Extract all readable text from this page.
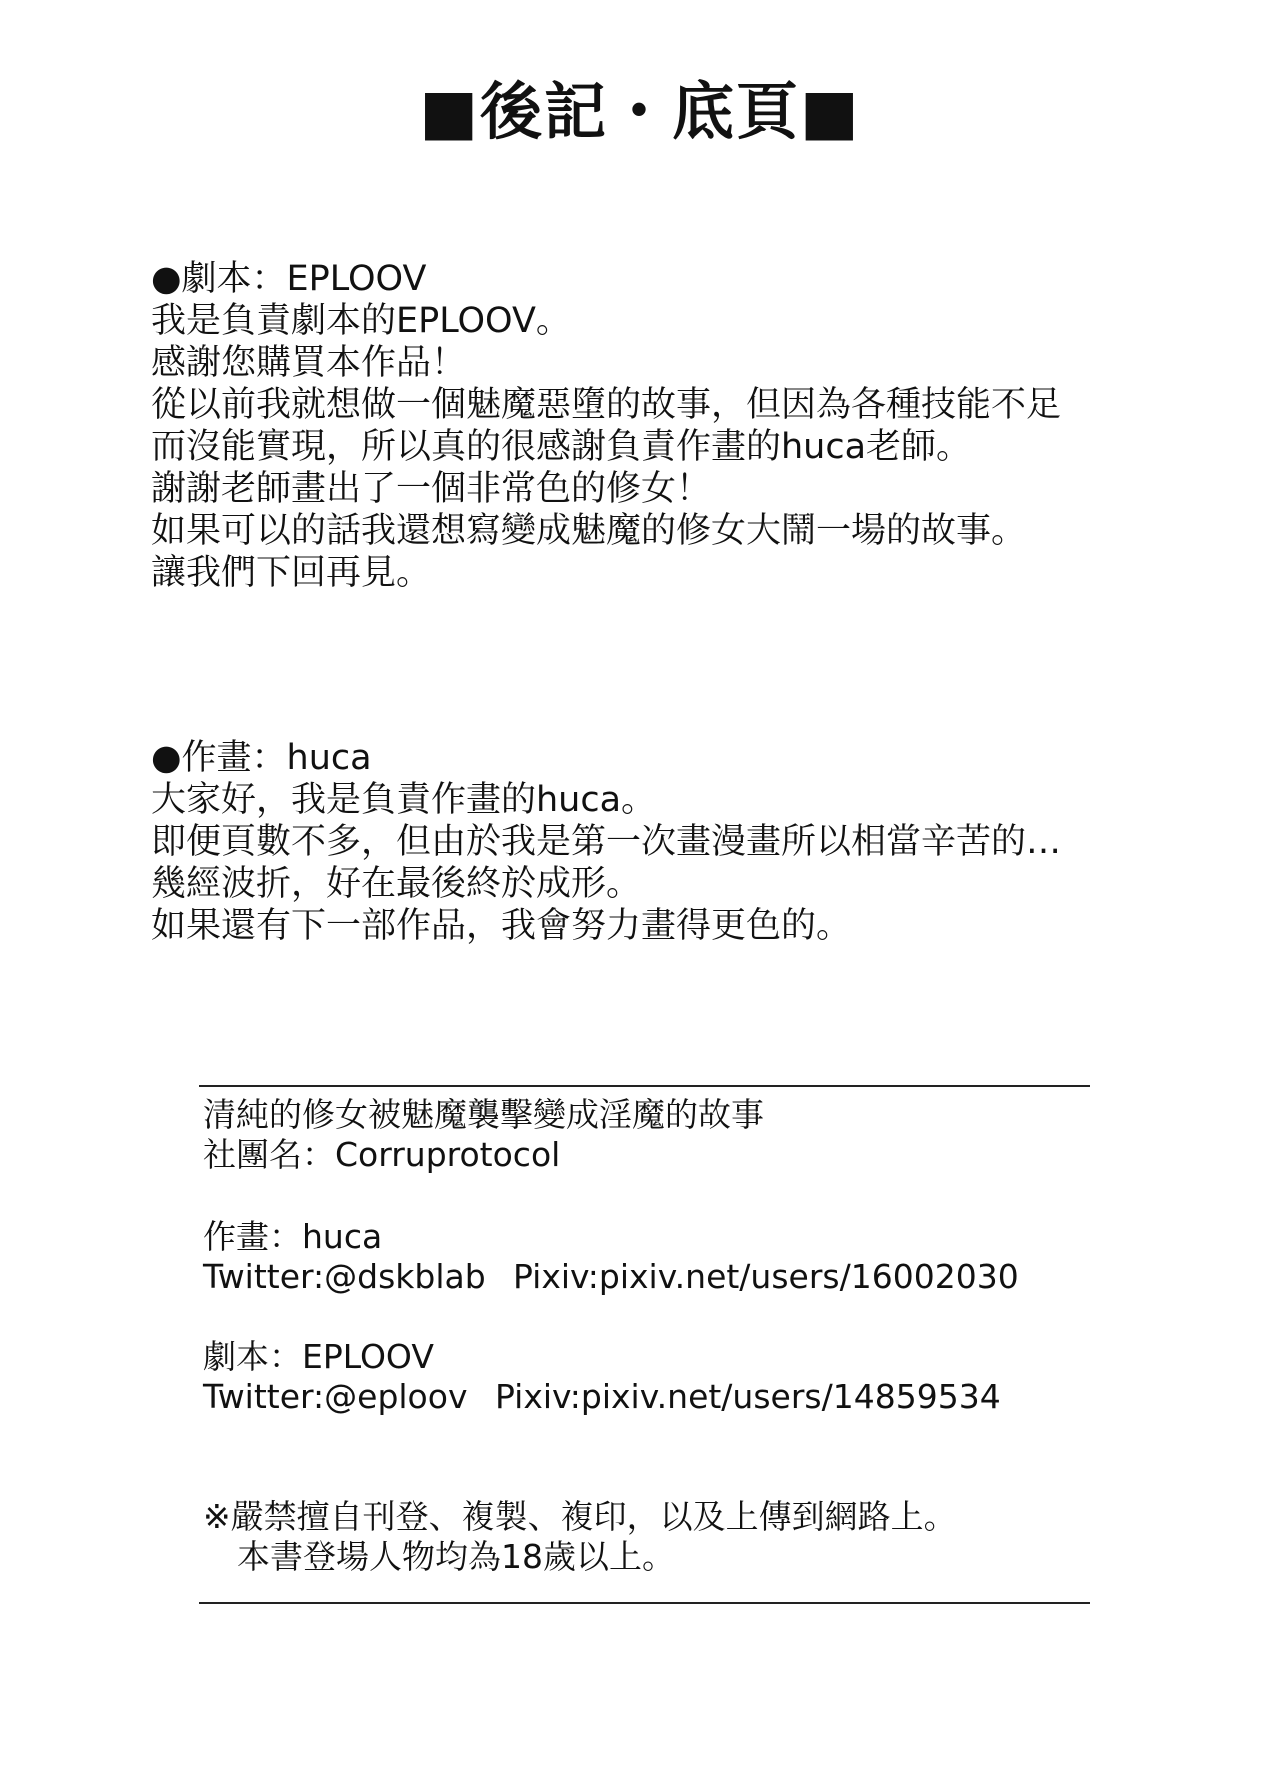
■後記・底頁■
●劇本：EPLOOV
我是負責劇本的EPLOOV。
感謝您購買本作品！
從以前我就想做一個魅魔惡墮的故事，但因為各種技能不足
而沒能實現，所以真的很感謝負責作畫的huca老師。
謝謝老師畫出了一個非常色的修女！
如果可以的話我還想寫變成魅魔的修女大鬧一場的故事。
讓我們下回再見。
●作畫：huca
大家好，我是負責作畫的huca。
即便頁數不多，但由於我是第一次畫漫畫所以相當辛苦的…
幾經波折，好在最後終於成形。
如果還有下一部作品，我會努力畫得更色的。
清純的修女被魅魔襲擊變成淫魔的故事
社團名：Corruprotocol
作畫：huca
Twitter:@dskblab Pixiv:pixiv.net/users/16002030
劇本：EPLOOV
Twitter:@eploov Pixiv:pixiv.net/users/14859534
※嚴禁擅自刊登、複製、複印，以及上傳到網路上。
本書登場人物均為18歲以上。
